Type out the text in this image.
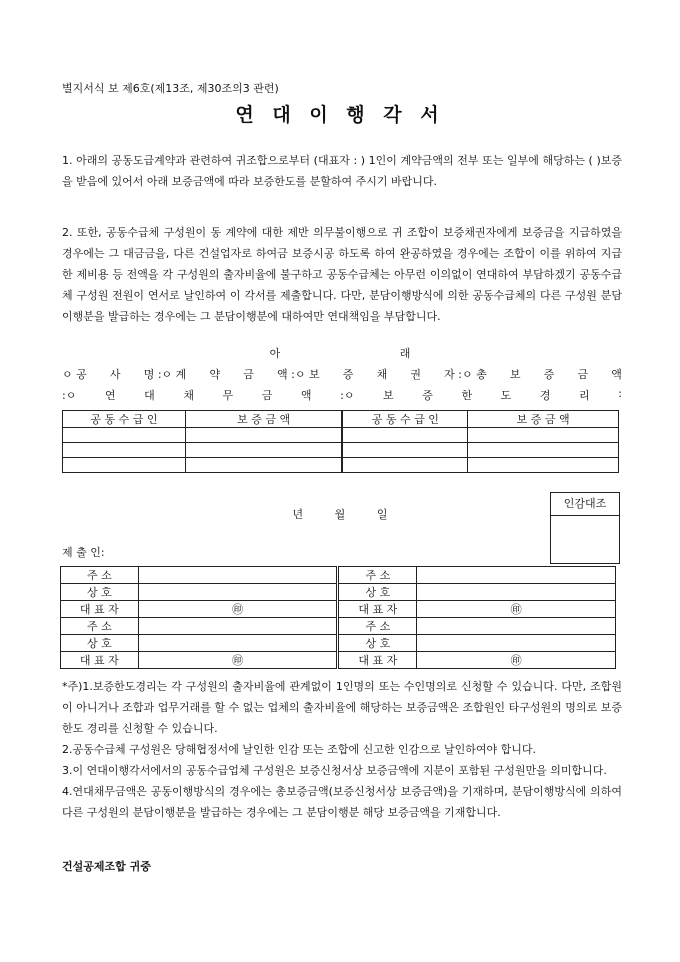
별지서식 보 제6호(제13조, 제30조의3 관련)
연 대 이 행 각 서
1. 아래의 공동도급계약과 관련하여 귀조합으로부터 (대표자 : ) 1인이 계약금액의 전부 또는 일부에 해당하는 ( )보증을 받음에 있어서 아래 보증금액에 따라 보증한도를 분할하여 주시기 바랍니다.
2. 또한, 공동수급체 구성원이 동 계약에 대한 제반 의무불이행으로 귀 조합이 보증채권자에게 보증금을 지급하였을 경우에는 그 대금금을, 다른 건설업자로 하여금 보증시공 하도록 하여 완공하였을 경우에는 조합이 이를 위하여 지급한 제비용 등 전액을 각 구성원의 출자비율에 불구하고 공동수급체는 아무런 이의없이 연대하여 부담하겠기 공동수급체 구성원 전원이 연서로 날인하여 이 각서를 제출합니다. 다만, 분담이행방식에 의한 공동수급체의 다른 구성원 분담이행분을 발급하는 경우에는 그 분담이행분에 대하여만 연대책임을 부담합니다.
아	래
ㅇ 공 사 명 :ㅇ 계 약 금 액 :ㅇ 보 증 채 권 자 :ㅇ 총 보 증 금 액
:ㅇ	연	대	채	무	금	액	:ㅇ	보	증	한	도	경	리	:
공 동 수 급 인	보 증 금 액	공 동 수 급 인	보 증 금 액

년	월	일
인감대조
제 출 인:
주 소		주 소	
상 호		상 호	
대 표 자	㊞	대 표 자	㊞
주 소		주 소	
상 호		상 호	
대 표 자	㊞	대 표 자	㊞
*주)1.보증한도경리는 각 구성원의 출자비율에 관계없이 1인명의 또는 수인명의로 신청할 수 있습니다. 다만, 조합원이 아니거나 조합과 업무거래를 할 수 없는 업체의 출자비율에 해당하는 보증금액은 조합원인 타구성원의 명의로 보증한도 경리를 신청할 수 있습니다.
2.공동수급체 구성원은 당해협정서에 날인한 인감 또는 조합에 신고한 인감으로 날인하여야 합니다.
3.이 연대이행각서에서의 공동수급업체 구성원은 보증신청서상 보증금액에 지분이 포함된 구성원만을 의미합니다.
4.연대채무금액은 공동이행방식의 경우에는 총보증금액(보증신청서상 보증금액)을 기재하며, 분담이행방식에 의하여 다른 구성원의 분담이행분을 발급하는 경우에는 그 분담이행분 해당 보증금액을 기재합니다.
건설공제조합 귀중
